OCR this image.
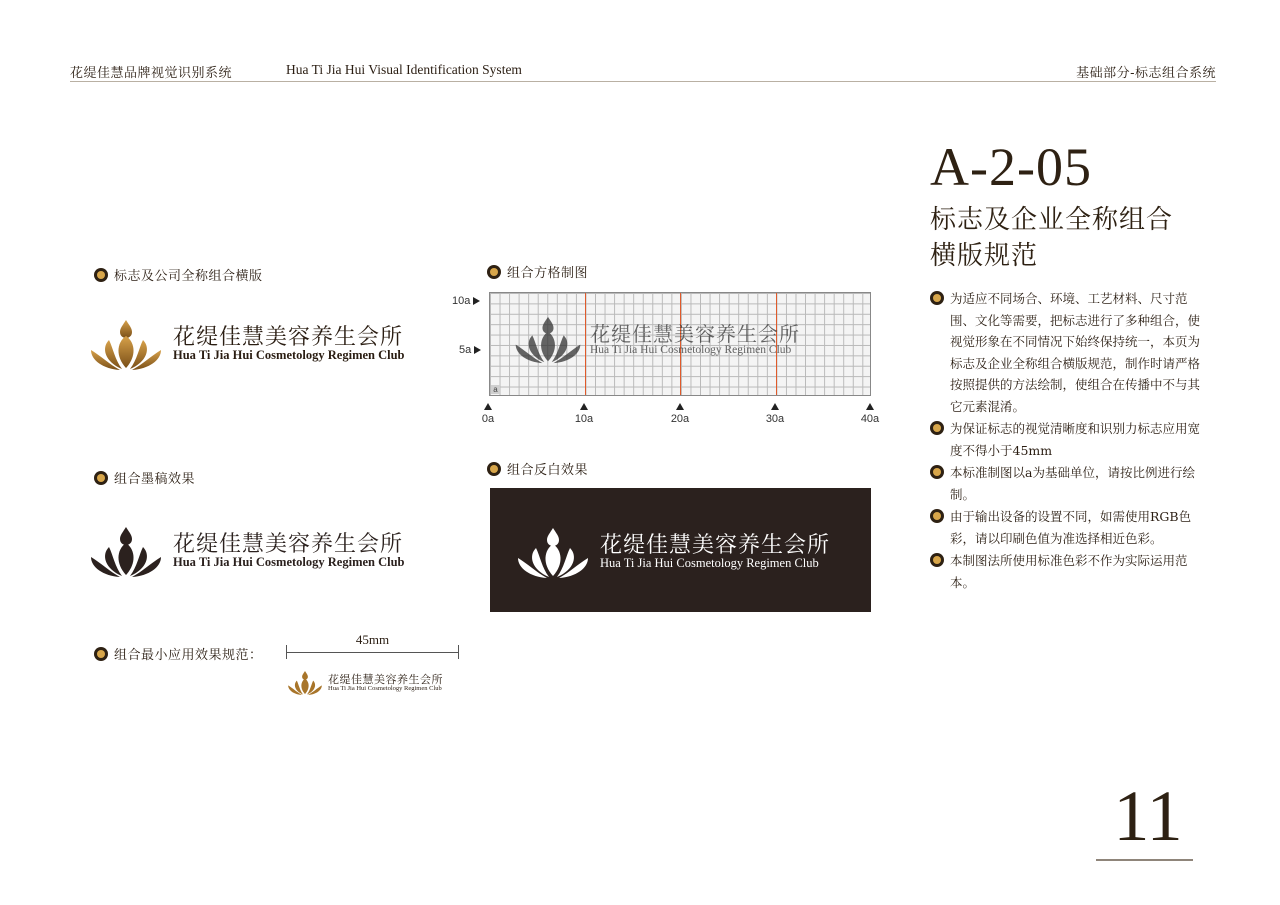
花缇佳慧品牌视觉识别系统	Hua Ti Jia Hui Visual Identification System	基础部分-标志组合系统
A-2-05
标志及企业全称组合
横版规范
为适应不同场合、环境、工艺材料、尺寸范围、文化等需要，把标志进行了多种组合，使视觉形象在不同情况下始终保持统一，本页为标志及企业全称组合横版规范，制作时请严格按照提供的方法绘制，使组合在传播中不与其它元素混淆。
为保证标志的视觉清晰度和识别力标志应用宽度不得小于45mm
本标准制图以a为基础单位，请按比例进行绘制。
由于输出设备的设置不同，如需使用RGB色彩，请以印刷色值为准选择相近色彩。
本制图法所使用标准色彩不作为实际运用范本。
标志及公司全称组合横版
花缇佳慧美容养生会所
Hua Ti Jia Hui Cosmetology Regimen Club
组合方格制图
10a
5a
花缇佳慧美容养生会所
Hua Ti Jia Hui Cosmetology Regimen Club
a
0a	10a	20a	30a	40a
组合墨稿效果
花缇佳慧美容养生会所
Hua Ti Jia Hui Cosmetology Regimen Club
组合反白效果
花缇佳慧美容养生会所
Hua Ti Jia Hui Cosmetology Regimen Club
组合最小应用效果规范：
45mm
花缇佳慧美容养生会所
Hua Ti Jia Hui Cosmetology Regimen Club
11
